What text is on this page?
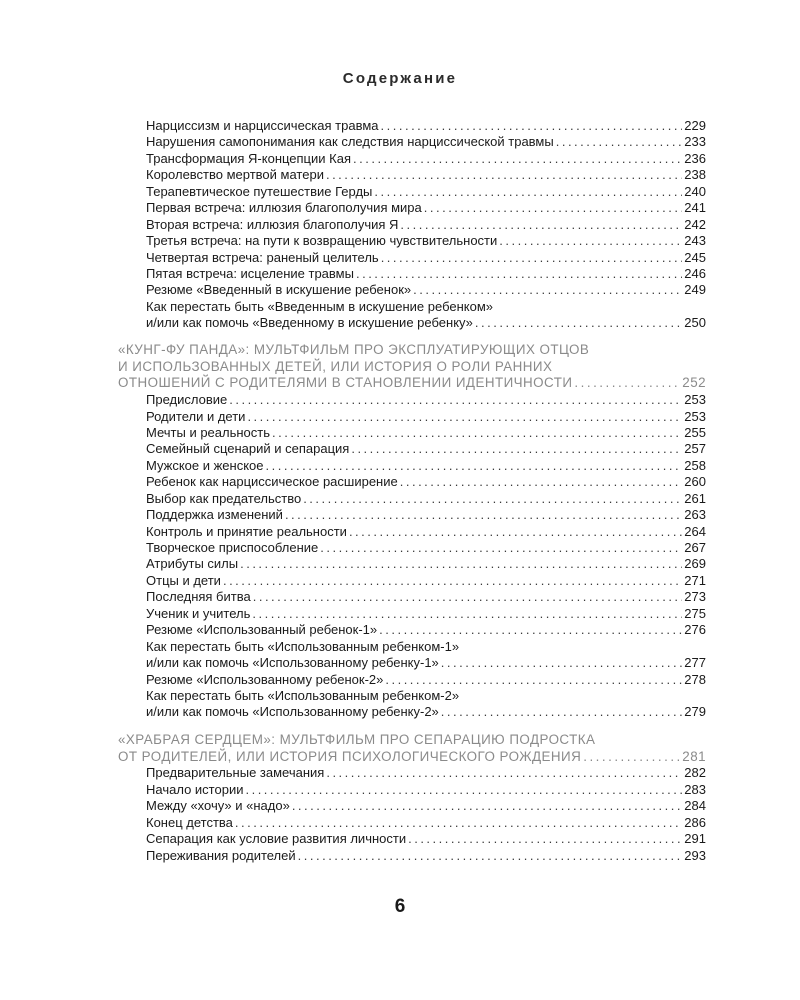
Содержание
Нарциссизм и нарциссическая травма .....	229
Нарушения самопонимания как следствия нарциссической травмы .....	233
Трансформация Я-концепции Кая .....	236
Королевство мертвой матери .....	238
Терапевтическое путешествие Герды .....	240
Первая встреча: иллюзия благополучия мира .....	241
Вторая встреча: иллюзия благополучия Я .....	242
Третья встреча: на пути к возвращению чувствительности .....	243
Четвертая встреча: раненый целитель .....	245
Пятая встреча: исцеление травмы .....	246
Резюме «Введенный в искушение ребенок» .....	249
Как перестать быть «Введенным в искушение ребенком»
и/или как помочь «Введенному в искушение ребенку» .....	250
«КУНГ-ФУ ПАНДА»: МУЛЬТФИЛЬМ ПРО ЭКСПЛУАТИРУЮЩИХ ОТЦОВ
И ИСПОЛЬЗОВАННЫХ ДЕТЕЙ, ИЛИ ИСТОРИЯ О РОЛИ РАННИХ
ОТНОШЕНИЙ С РОДИТЕЛЯМИ В СТАНОВЛЕНИИ ИДЕНТИЧНОСТИ .....	252
Предисловие .....	253
Родители и дети .....	253
Мечты и реальность .....	255
Семейный сценарий и сепарация .....	257
Мужское и женское .....	258
Ребенок как нарциссическое расширение .....	260
Выбор как предательство .....	261
Поддержка изменений .....	263
Контроль и принятие реальности .....	264
Творческое приспособление .....	267
Атрибуты силы .....	269
Отцы и дети .....	271
Последняя битва .....	273
Ученик и учитель .....	275
Резюме «Использованный ребенок-1» .....	276
Как перестать быть «Использованным ребенком-1»
и/или как помочь «Использованному ребенку-1» .....	277
Резюме «Использованному ребенок-2» .....	278
Как перестать быть «Использованным ребенком-2»
и/или как помочь «Использованному ребенку-2» .....	279
«ХРАБРАЯ СЕРДЦЕМ»: МУЛЬТФИЛЬМ ПРО СЕПАРАЦИЮ ПОДРОСТКА
ОТ РОДИТЕЛЕЙ, ИЛИ ИСТОРИЯ ПСИХОЛОГИЧЕСКОГО РОЖДЕНИЯ .....	281
Предварительные замечания .....	282
Начало истории .....	283
Между «хочу» и «надо» .....	284
Конец детства .....	286
Сепарация как условие развития личности .....	291
Переживания родителей .....	293
6
